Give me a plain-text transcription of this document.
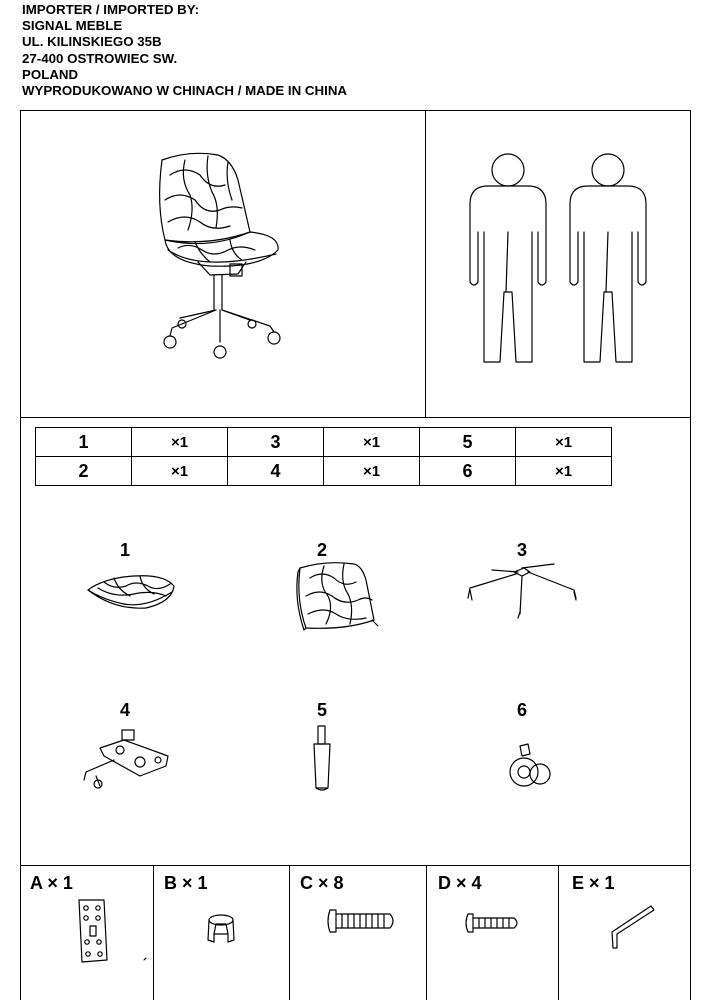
IMPORTER / IMPORTED BY:
SIGNAL MEBLE
UL. KILINSKIEGO 35B
27-400 OSTROWIEC SW.
POLAND
WYPRODUKOWANO W CHINACH / MADE IN CHINA
1	×1	3	×1	5	×1
2	×1	4	×1	6	×1
1	2	3
4	5	6
A × 1	B × 1	C × 8	D × 4	E × 1
